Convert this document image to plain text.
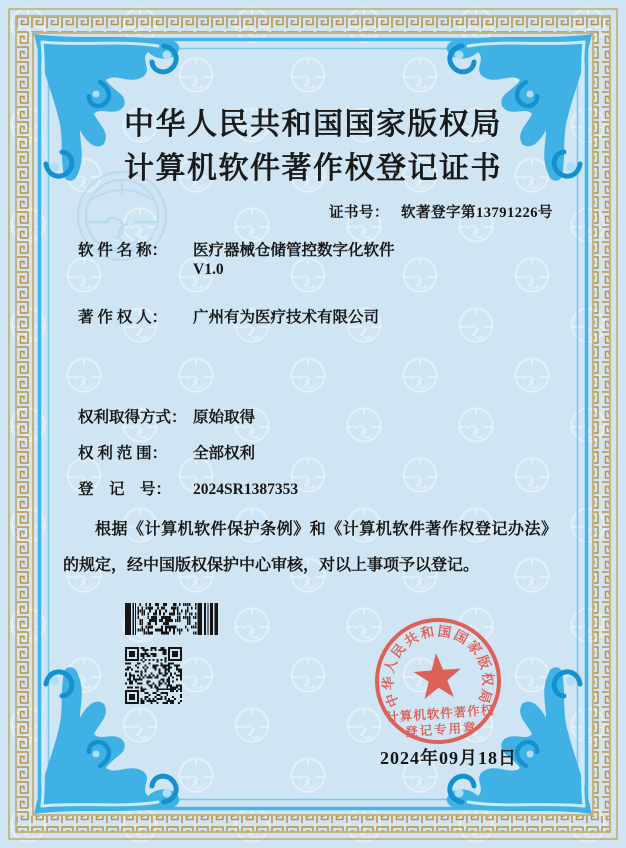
中华人民共和国国家版权局
计算机软件著作权登记证书
证书号： 软著登字第13791226号
软 件 名 称： 医疗器械仓储管控数字化软件
V1.0
著 作 权 人： 广州有为医疗技术有限公司
权利取得方式： 原始取得
权 利 范 围： 全部权利
登　记　号： 2024SR1387353

根据《计算机软件保护条例》和《计算机软件著作权登记办法》的规定，经中国版权保护中心审核，对以上事项予以登记。

中华人民共和国国家版权局
计算机软件著作权
登记专用章
2024年09月18日
